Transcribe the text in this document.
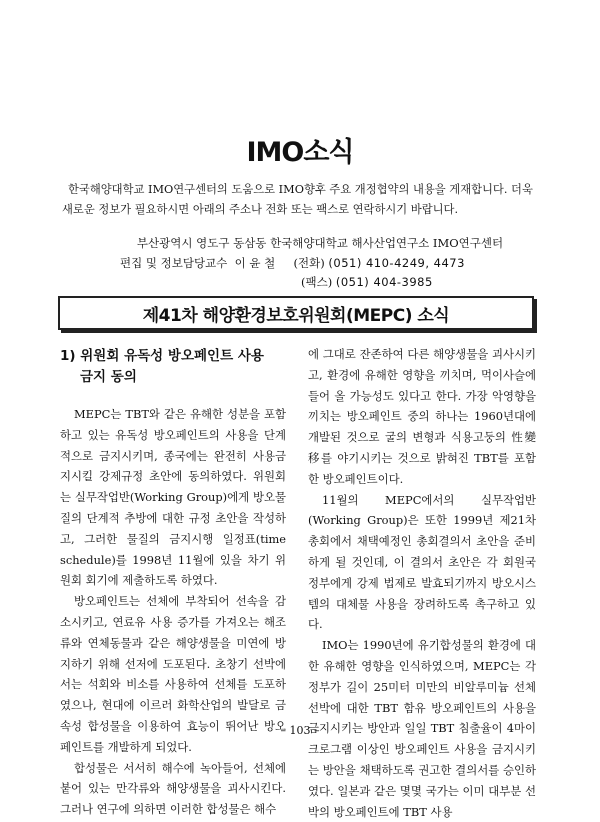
IMO소식
한국해양대학교 IMO연구센터의 도움으로 IMO향후 주요 개정협약의 내용을 게재합니다. 더욱 새로운 정보가 필요하시면 아래의 주소나 전화 또는 팩스로 연락하시기 바랍니다.
부산광역시 영도구 동삼동 한국해양대학교 해사산업연구소 IMO연구센터
편집 및 정보담당교수  이 윤 철 (전화) (051) 410-4249, 4473
(팩스) (051) 404-3985
제41차 해양환경보호위원회(MEPC) 소식
1) 위원회 유독성 방오페인트 사용
금지 동의

MEPC는 TBT와 같은 유해한 성분을 포함하고 있는 유독성 방오페인트의 사용을 단계적으로 금지시키며, 종국에는 완전히 사용금지시킬 강제규정 초안에 동의하였다. 위원회는 실무작업반(Working Group)에게 방오물질의 단계적 추방에 대한 규정 초안을 작성하고, 그러한 물질의 금지시행 일정표(time schedule)를 1998년 11월에 있을 차기 위원회 회기에 제출하도록 하였다.

방오페인트는 선체에 부착되어 선속을 감소시키고, 연료유 사용 증가를 가져오는 해조류와 연체동물과 같은 해양생물을 미연에 방지하기 위해 선저에 도포된다. 초창기 선박에서는 석회와 비소를 사용하여 선체를 도포하였으나, 현대에 이르러 화학산업의 발달로 금속성 합성물을 이용하여 효능이 뛰어난 방오페인트를 개발하게 되었다.

합성물은 서서히 해수에 녹아들어, 선체에 붙어 있는 만각류와 해양생물을 괴사시킨다. 그러나 연구에 의하면 이러한 합성물은 해수

에 그대로 잔존하여 다른 해양생물을 괴사시키고, 환경에 유해한 영향을 끼치며, 먹이사슬에 들어 올 가능성도 있다고 한다. 가장 악영향을 끼치는 방오페인트 중의 하나는 1960년대에 개발된 것으로 굴의 변형과 식용고둥의 性變移를 야기시키는 것으로 밝혀진 TBT를 포함한 방오페인트이다.

11월의 MEPC에서의 실무작업반(Working Group)은 또한 1999년 제21차 총회에서 채택예정인 총회결의서 초안을 준비하게 될 것인데, 이 결의서 초안은 각 회원국 정부에게 강제 법제로 발효되기까지 방오시스템의 대체물 사용을 장려하도록 촉구하고 있다.

IMO는 1990년에 유기합성물의 환경에 대한 유해한 영향을 인식하였으며, MEPC는 각 정부가 길이 25미터 미만의 비알루미늄 선체 선박에 대한 TBT 함유 방오페인트의 사용을 금지시키는 방안과 일일 TBT 침출율이 4마이크로그램 이상인 방오페인트 사용을 금지시키는 방안을 채택하도록 권고한 결의서를 승인하였다. 일본과 같은 몇몇 국가는 이미 대부분 선박의 방오페인트에 TBT 사용

– 103 –
